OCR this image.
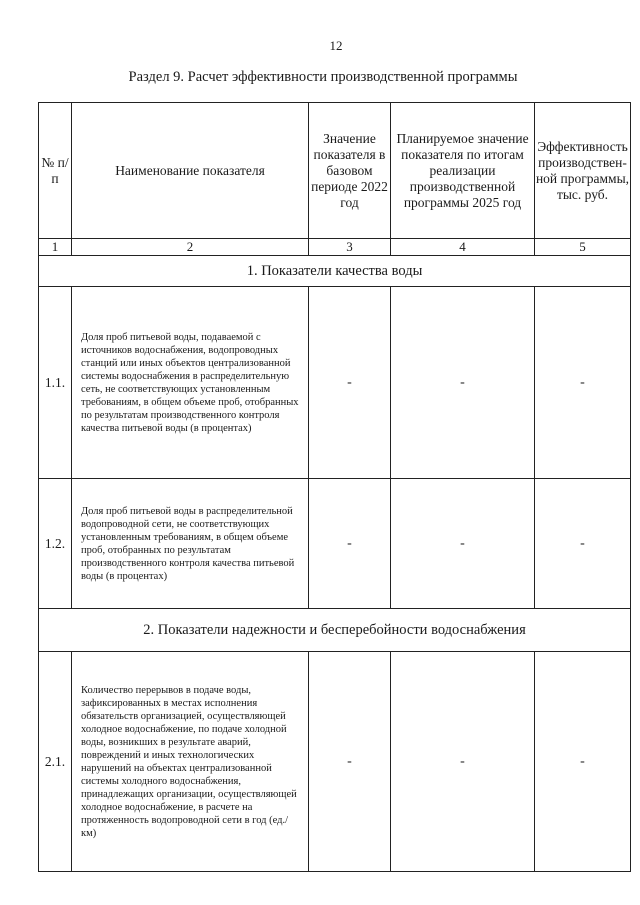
12
Раздел 9. Расчет эффективности производственной программы
№ п/п	Наименование показателя	Значение показателя в базовом периоде 2022 год	Планируемое значение показателя по итогам реализации производственной программы 2025 год	Эффективность производствен-ной программы, тыс. руб.
1	2	3	4	5
1. Показатели качества воды				
1.1.	Доля проб питьевой воды, подаваемой с источников водоснабжения, водопроводных станций или иных объектов централизованной системы водоснабжения в распределительную сеть, не соответствующих установленным требованиям, в общем объеме проб, отобранных по результатам производственного контроля качества питьевой воды (в процентах)	-	-	-
1.2.	Доля проб питьевой воды в распределительной водопроводной сети, не соответствующих установленным требованиям, в общем объеме проб, отобранных по результатам производственного контроля качества питьевой воды (в процентах)	-	-	-
2. Показатели надежности и бесперебойности водоснабжения				
2.1.	Количество перерывов в подаче воды, зафиксированных в местах исполнения обязательств организацией, осуществляющей холодное водоснабжение, по подаче холодной воды, возникших в результате аварий, повреждений и иных технологических нарушений на объектах централизованной системы холодного водоснабжения, принадлежащих организации, осуществляющей холодное водоснабжение, в расчете на протяженность водопроводной сети в год (ед./км)	-	-	-
